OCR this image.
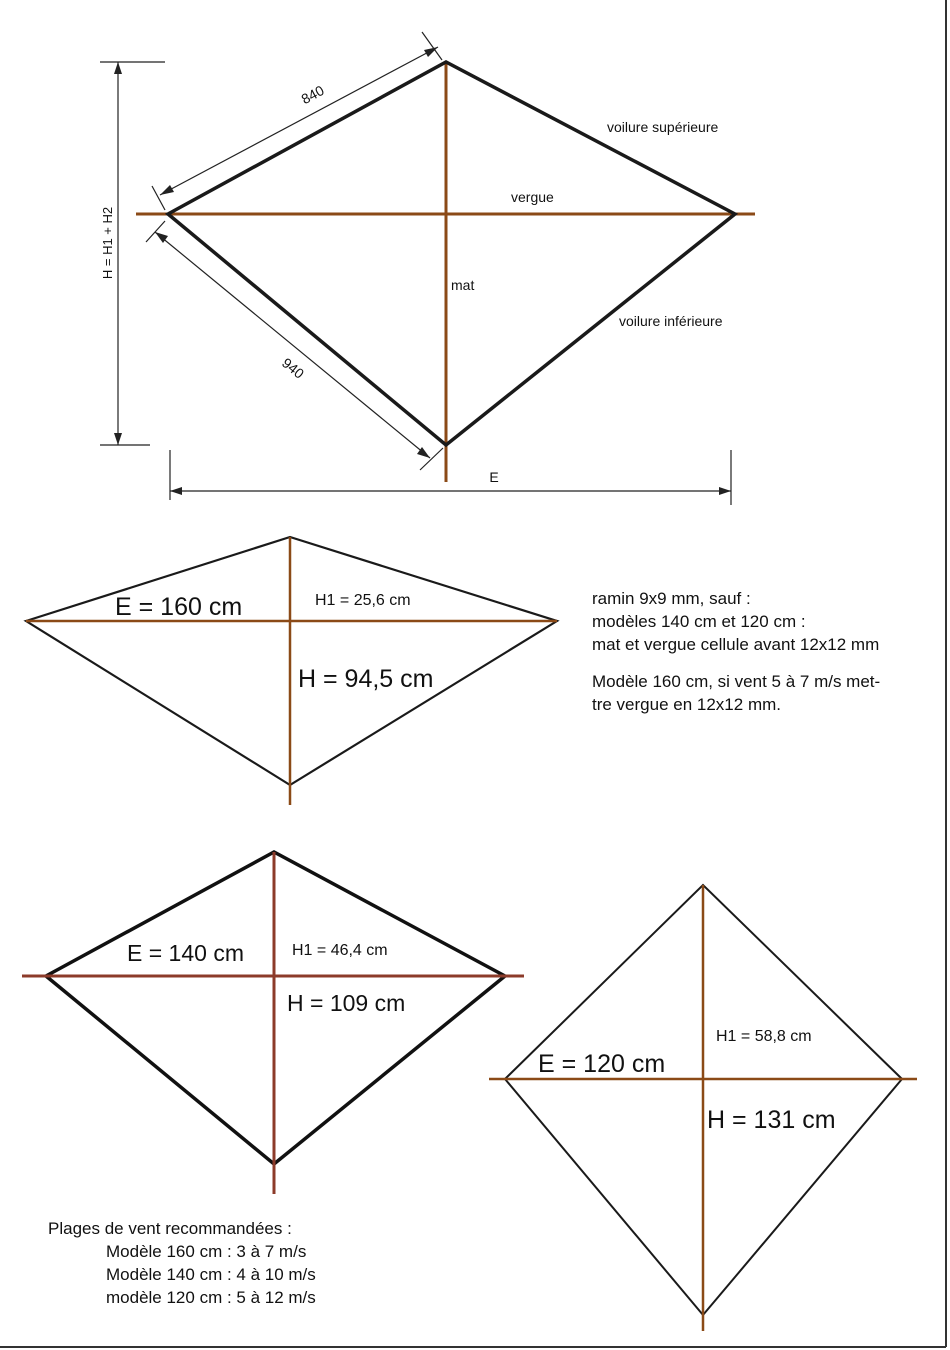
840
940
H = H1 + H2
E
voilure supérieure
vergue
mat
voilure inférieure
E = 160 cm	H1 = 25,6 cm
H = 94,5 cm
E = 140 cm	H1 = 46,4 cm
H = 109 cm
E = 120 cm
H1 = 58,8 cm
H = 131 cm

ramin 9x9 mm, sauf :

modèles 140 cm et 120 cm :

mat et vergue cellule avant 12x12 mm

Modèle 160 cm, si vent 5 à 7 m/s met-

tre vergue en 12x12 mm.

Plages de vent recommandées :

Modèle 160 cm : 3 à 7 m/s

Modèle 140 cm : 4 à 10 m/s

modèle 120 cm : 5 à 12 m/s
